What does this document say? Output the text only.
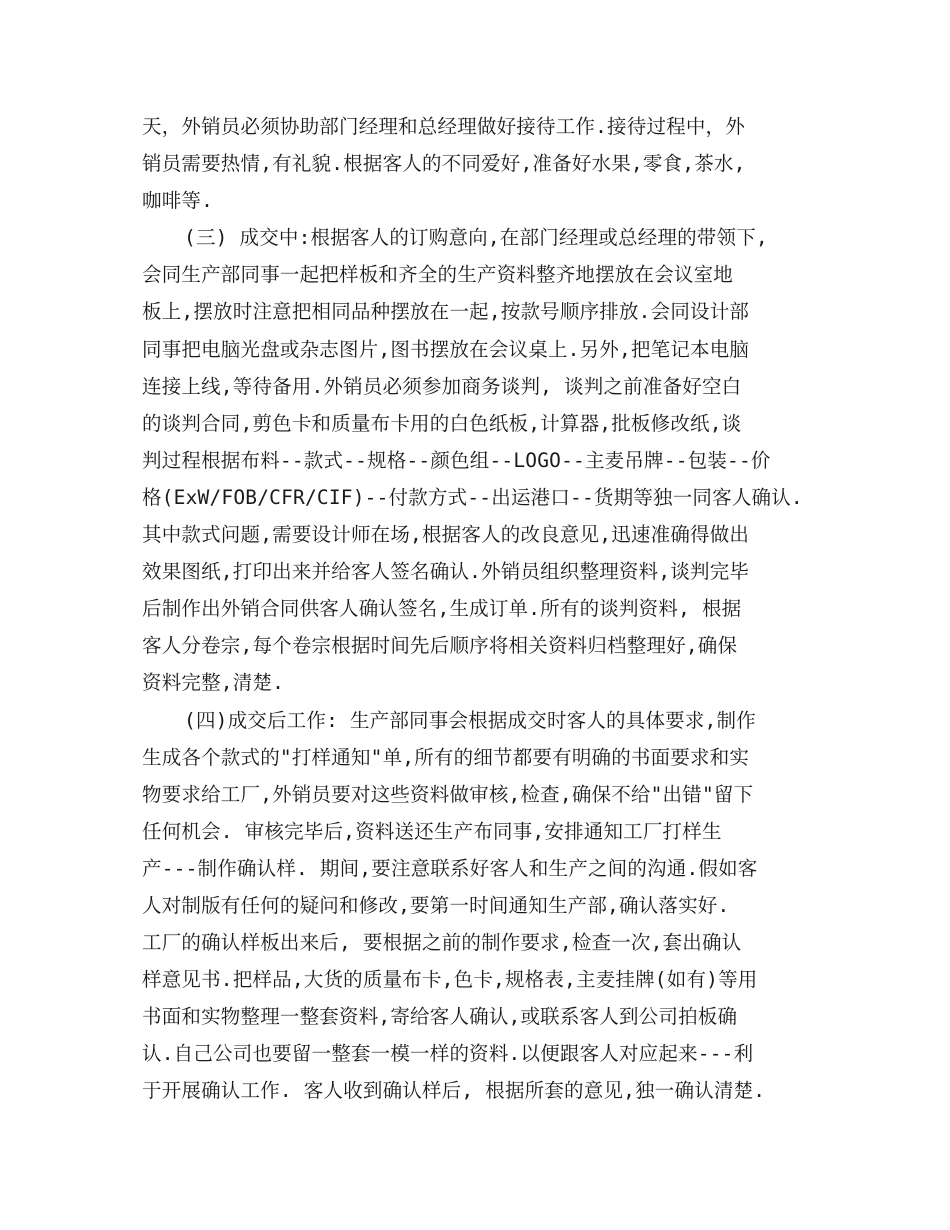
天，外销员必须协助部门经理和总经理做好接待工作.接待过程中，外
销员需要热情,有礼貌.根据客人的不同爱好,准备好水果,零食,茶水,
咖啡等.
(三) 成交中:根据客人的订购意向,在部门经理或总经理的带领下,
会同生产部同事一起把样板和齐全的生产资料整齐地摆放在会议室地
板上,摆放时注意把相同品种摆放在一起,按款号顺序排放.会同设计部
同事把电脑光盘或杂志图片,图书摆放在会议桌上.另外,把笔记本电脑
连接上线,等待备用.外销员必须参加商务谈判, 谈判之前准备好空白
的谈判合同,剪色卡和质量布卡用的白色纸板,计算器,批板修改纸,谈
判过程根据布料--款式--规格--颜色组--LOGO--主麦吊牌--包装--价
格(ExW/FOB/CFR/CIF)--付款方式--出运港口--货期等独一同客人确认.
其中款式问题,需要设计师在场,根据客人的改良意见,迅速准确得做出
效果图纸,打印出来并给客人签名确认.外销员组织整理资料,谈判完毕
后制作出外销合同供客人确认签名,生成订单.所有的谈判资料, 根据
客人分卷宗,每个卷宗根据时间先后顺序将相关资料归档整理好,确保
资料完整,清楚.
(四)成交后工作: 生产部同事会根据成交时客人的具体要求,制作
生成各个款式的"打样通知"单,所有的细节都要有明确的书面要求和实
物要求给工厂,外销员要对这些资料做审核,检查,确保不给"出错"留下
任何机会. 审核完毕后,资料送还生产布同事,安排通知工厂打样生
产---制作确认样. 期间,要注意联系好客人和生产之间的沟通.假如客
人对制版有任何的疑问和修改,要第一时间通知生产部,确认落实好.
工厂的确认样板出来后, 要根据之前的制作要求,检查一次,套出确认
样意见书.把样品,大货的质量布卡,色卡,规格表,主麦挂牌(如有)等用
书面和实物整理一整套资料,寄给客人确认,或联系客人到公司拍板确
认.自己公司也要留一整套一模一样的资料.以便跟客人对应起来---利
于开展确认工作. 客人收到确认样后, 根据所套的意见,独一确认清楚.
